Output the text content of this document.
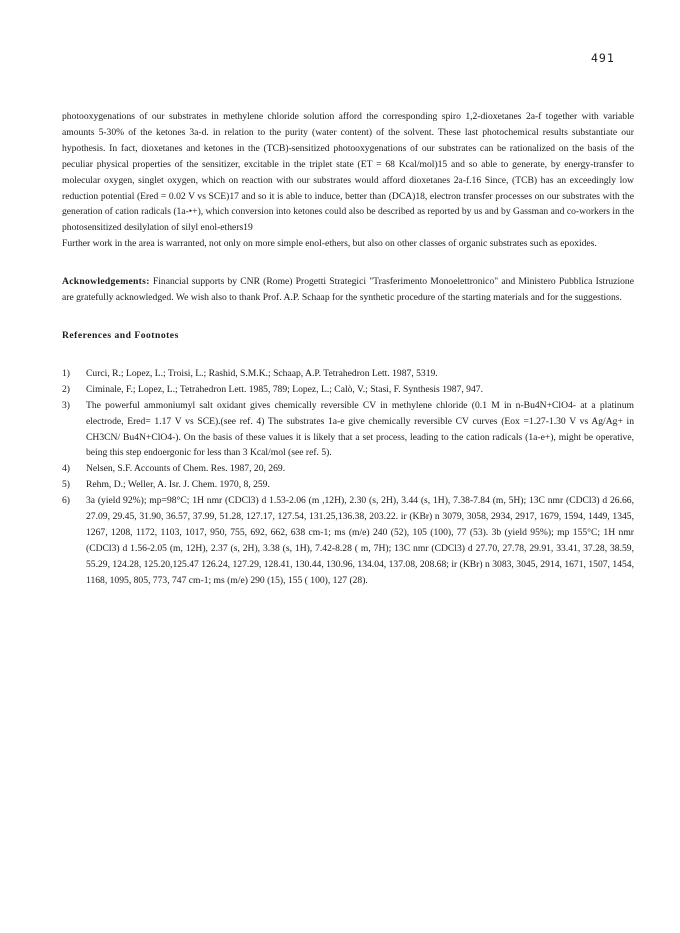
491

photooxygenations of our substrates in methylene chloride solution afford the corresponding spiro 1,2-dioxetanes 2a-f together with variable amounts 5-30% of the ketones 3a-d. in relation to the purity (water content) of the solvent. These last photochemical results substantiate our hypothesis. In fact, dioxetanes and ketones in the (TCB)-sensitized photooxygenations of our substrates can be rationalized on the basis of the peculiar physical properties of the sensitizer, excitable in the triplet state (ET = 68 Kcal/mol)15 and so able to generate, by energy-transfer to molecular oxygen, singlet oxygen, which on reaction with our substrates would afford dioxetanes 2a-f.16 Since, (TCB) has an exceedingly low reduction potential (Ered = 0.02 V vs SCE)17 and so it is able to induce, better than (DCA)18, electron transfer processes on our substrates with the generation of cation radicals (1a-•+), which conversion into ketones could also be described as reported by us and by Gassman and co-workers in the photosensitized desilylation of silyl enol-ethers19

Further work in the area is warranted, not only on more simple enol-ethers, but also on other classes of organic substrates such as epoxides.

Acknowledgements: Financial supports by CNR (Rome) Progetti Strategici "Trasferimento Monoelettronico" and Ministero Pubblica Istruzione are gratefully acknowledged. We wish also to thank Prof. A.P. Schaap for the synthetic procedure of the starting materials and for the suggestions.

References and Footnotes

1)	Curci, R.; Lopez, L.; Troisi, L.; Rashid, S.M.K.; Schaap, A.P. Tetrahedron Lett. 1987, 5319.
2)	Ciminale, F.; Lopez, L.; Tetrahedron Lett. 1985, 789; Lopez, L.; Calò, V.; Stasi, F. Synthesis 1987, 947.
3)	The powerful ammoniumyl salt oxidant gives chemically reversible CV in methylene chloride (0.1 M in n-Bu4N+ClO4- at a platinum electrode, Ered= 1.17 V vs SCE).(see ref. 4) The substrates 1a-e give chemically reversible CV curves (Eox =1.27-1.30 V vs Ag/Ag+ in CH3CN/ Bu4N+ClO4-). On the basis of these values it is likely that a set process, leading to the cation radicals (1a-e+), might be operative, being this step endoergonic for less than 3 Kcal/mol (see ref. 5).
4)	Nelsen, S.F. Accounts of Chem. Res. 1987, 20, 269.
5)	Rehm, D.; Weller, A. Isr. J. Chem. 1970, 8, 259.
6)	3a (yield 92%); mp=98°C; 1H nmr (CDCl3) d 1.53-2.06 (m ,12H), 2.30 (s, 2H), 3.44 (s, 1H), 7.38-7.84 (m, 5H); 13C nmr (CDCl3) d 26.66, 27.09, 29.45, 31.90, 36.57, 37.99, 51.28, 127.17, 127.54, 131.25,136.38, 203.22. ir (KBr) n 3079, 3058, 2934, 2917, 1679, 1594, 1449, 1345, 1267, 1208, 1172, 1103, 1017, 950, 755, 692, 662, 638 cm-1; ms (m/e) 240 (52), 105 (100), 77 (53). 3b (yield 95%); mp 155°C; 1H nmr (CDCl3) d 1.56-2.05 (m, 12H), 2.37 (s, 2H), 3.38 (s, 1H), 7.42-8.28 ( m, 7H); 13C nmr (CDCl3) d 27.70, 27.78, 29.91, 33.41, 37.28, 38.59, 55.29, 124.28, 125.20,125.47 126.24, 127.29, 128.41, 130.44, 130.96, 134.04, 137.08, 208.68; ir (KBr) n 3083, 3045, 2914, 1671, 1507, 1454, 1168, 1095, 805, 773, 747 cm-1; ms (m/e) 290 (15), 155 ( 100), 127 (28).
